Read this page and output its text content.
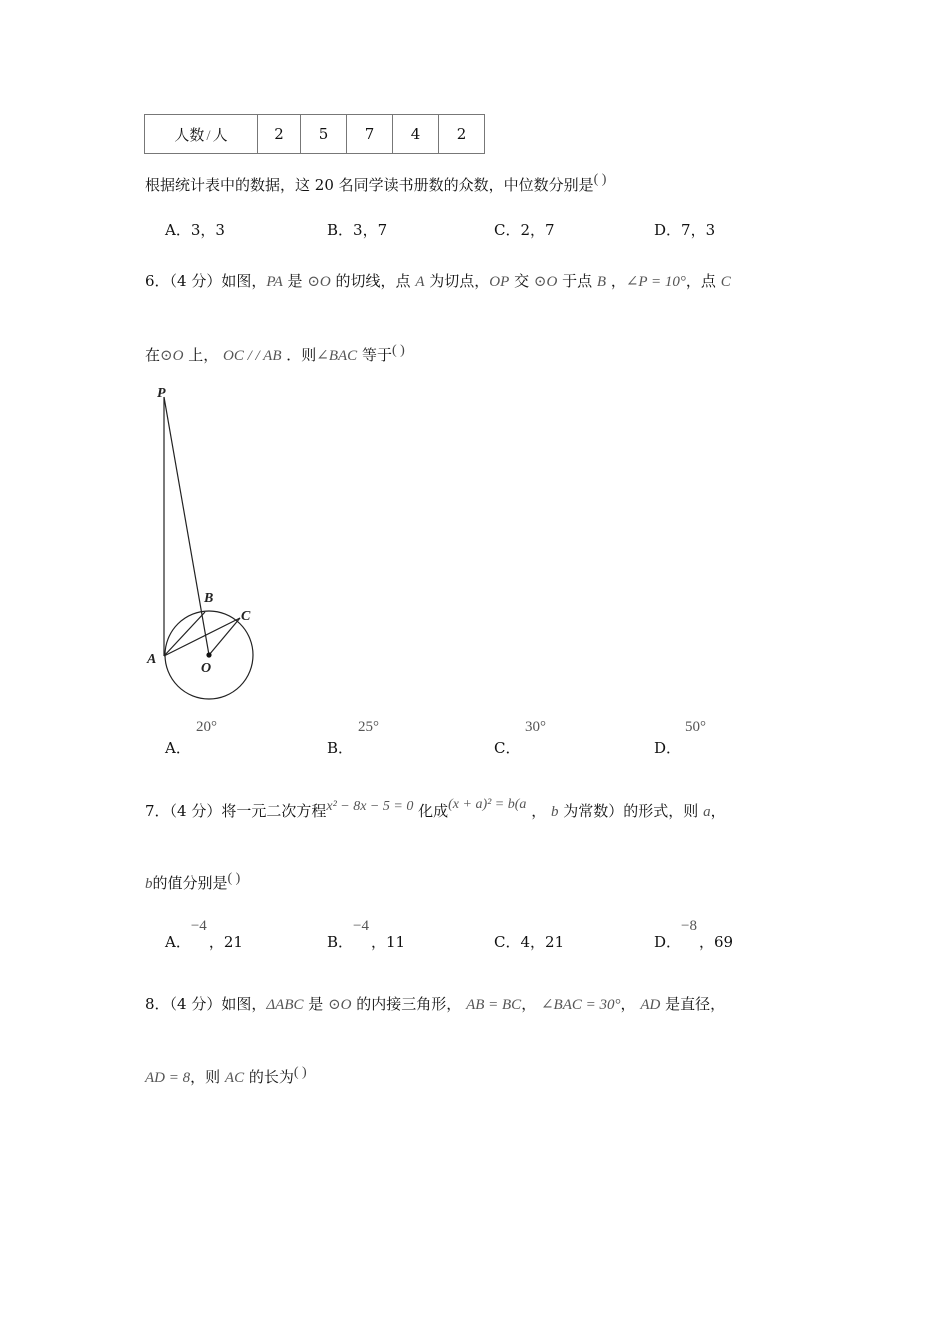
人数 / 人	2	5	7	4	2
根据统计表中的数据，这 20 名同学读书册数的众数，中位数分别是( )
A．3，3	B．3，7	C．2，7	D．7，3
6．（4 分）如图，PA 是 ⊙O 的切线，点 A 为切点，OP 交 ⊙O 于点 B ，∠P = 10°，点 C
在⊙O 上， OC / / AB ．则∠BAC 等于( )
P
B
C
A
O
A．
20°
B．
25°
C．
30°
D．
50°
7．（4 分）将一元二次方程x² − 8x − 5 = 0 化成(x + a)² = b(a ， b 为常数）的形式，则 a，
b的值分别是( )
A．−4，21	B．−4，11	C．4，21	D．−8，69
8．（4 分）如图，ΔABC 是 ⊙O 的内接三角形， AB = BC， ∠BAC = 30°， AD 是直径，
AD = 8，则 AC 的长为( )
